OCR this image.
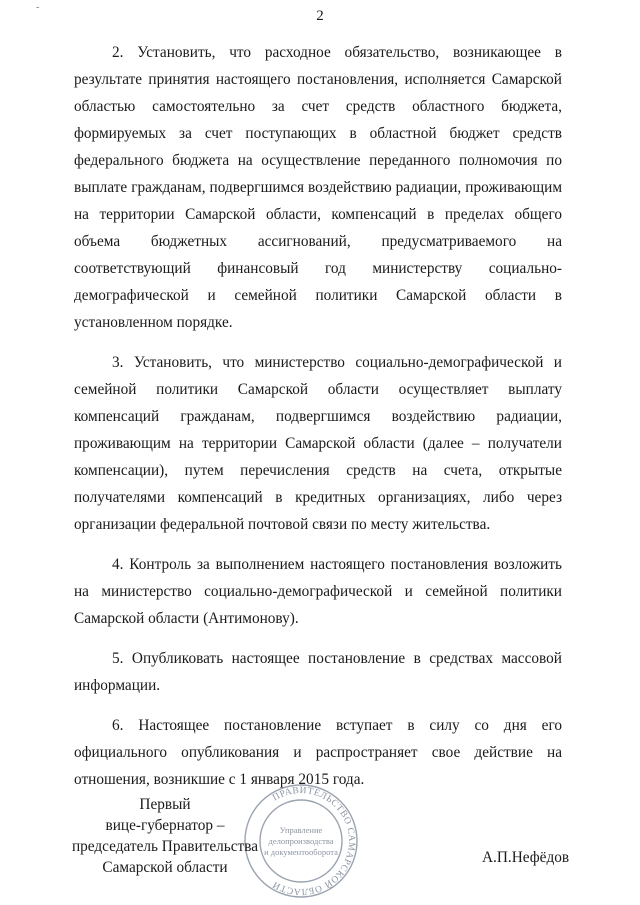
˜	2
2. Установить, что расходное обязательство, возникающее в
результате принятия настоящего постановления, исполняется Самарской
областью самостоятельно за счет средств областного бюджета,
формируемых за счет поступающих в областной бюджет средств
федерального бюджета на осуществление переданного полномочия по
выплате гражданам, подвергшимся воздействию радиации, проживающим
на территории Самарской области, компенсаций в пределах общего
объема бюджетных ассигнований, предусматриваемого на
соответствующий финансовый год министерству социально-
демографической и семейной политики Самарской области в
установленном порядке.
3. Установить, что министерство социально-демографической и
семейной политики Самарской области осуществляет выплату
компенсаций гражданам, подвергшимся воздействию радиации,
проживающим на территории Самарской области (далее – получатели
компенсации), путем перечисления средств на счета, открытые
получателями компенсаций в кредитных организациях, либо через
организации федеральной почтовой связи по месту жительства.
4. Контроль за выполнением настоящего постановления возложить
на министерство социально-демографической и семейной политики
Самарской области (Антимонову).
5. Опубликовать настоящее постановление в средствах массовой
информации.
6. Настоящее постановление вступает в силу со дня его
официального опубликования и распространяет свое действие на
отношения, возникшие с 1 января 2015 года.
ПРАВИТЕЛЬСТВО САМАРСКОЙ ОБЛАСТИ
Управление
делопроизводства
и документооборота
Первый
вице-губернатор –
председатель Правительства
Самарской области
А.П.Нефёдов
